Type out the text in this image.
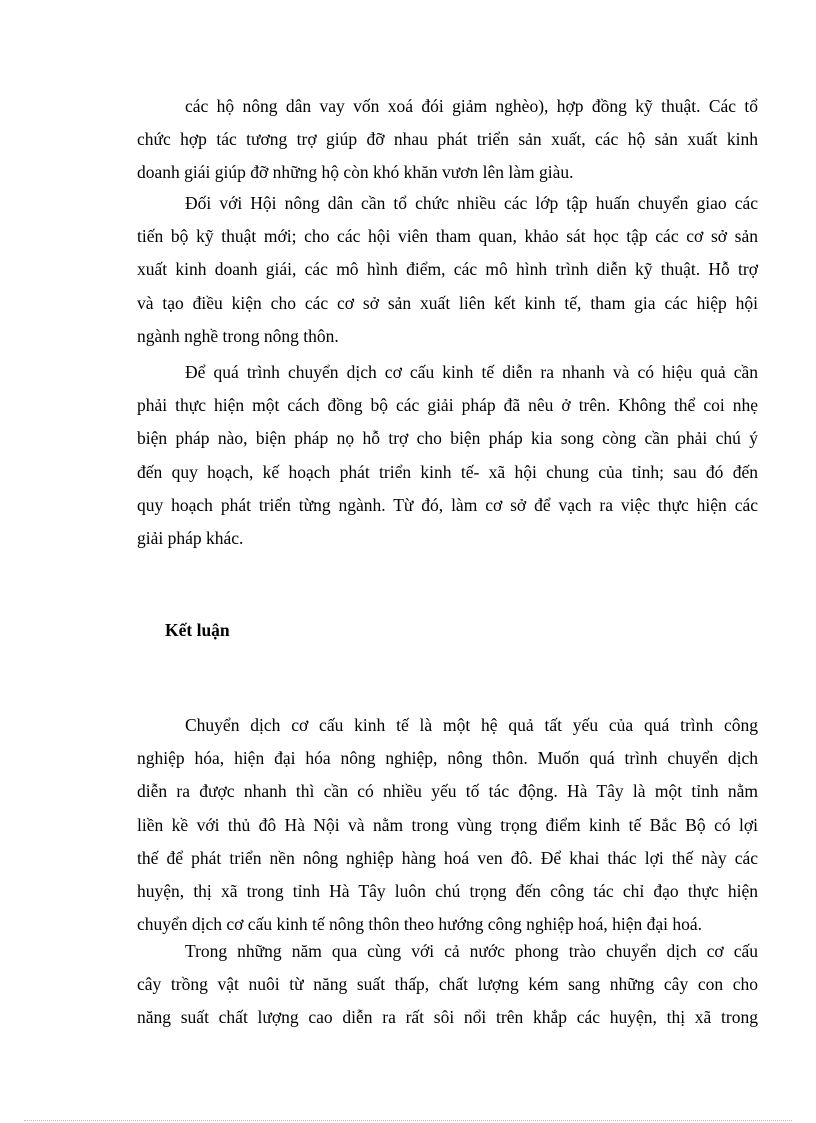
các hộ nông dân vay vốn xoá đói giảm nghèo), hợp đồng kỹ thuật. Các tổ
chức hợp tác tương trợ giúp đỡ nhau phát triển sản xuất, các hộ sản xuất kinh
doanh giái giúp đỡ những hộ còn khó khăn vươn lên làm giàu.
Đối với Hội nông dân cần tổ chức nhiều các lớp tập huấn chuyển giao các
tiến bộ kỹ thuật mới; cho các hội viên tham quan, khảo sát học tập các cơ sở sản
xuất kinh doanh giái, các mô hình điểm, các mô hình trình diễn kỹ thuật. Hỗ trợ
và tạo điều kiện cho các cơ sở sản xuất liên kết kinh tế, tham gia các hiệp hội
ngành nghề trong nông thôn.
Để quá trình chuyển dịch cơ cấu kinh tế diễn ra nhanh và có hiệu quả cần
phải thực hiện một cách đồng bộ các giải pháp đã nêu ở trên. Không thể coi nhẹ
biện pháp nào, biện pháp nọ hỗ trợ cho biện pháp kia song còng cần phải chú ý
đến quy hoạch, kế hoạch phát triển kinh tế- xã hội chung của tỉnh; sau đó đến
quy hoạch phát triển từng ngành. Từ đó, làm cơ sở để vạch ra việc thực hiện các
giải pháp khác.
Kết luận
Chuyển dịch cơ cấu kinh tế là một hệ quả tất yếu của quá trình công
nghiệp hóa, hiện đại hóa nông nghiệp, nông thôn. Muốn quá trình chuyển dịch
diễn ra được nhanh thì cần có nhiều yếu tố tác động. Hà Tây là một tỉnh nằm
liền kề với thủ đô Hà Nội và nằm trong vùng trọng điểm kinh tế Bắc Bộ có lợi
thế để phát triển nền nông nghiệp hàng hoá ven đô. Để khai thác lợi thế này các
huyện, thị xã trong tỉnh Hà Tây luôn chú trọng đến công tác chỉ đạo thực hiện
chuyển dịch cơ cấu kinh tế nông thôn theo hướng công nghiệp hoá, hiện đại hoá.
Trong những năm qua cùng với cả nước phong trào chuyển dịch cơ cấu
cây trồng vật nuôi từ năng suất thấp, chất lượng kém sang những cây con cho
năng suất chất lượng cao diễn ra rất sôi nổi trên khắp các huyện, thị xã trong
